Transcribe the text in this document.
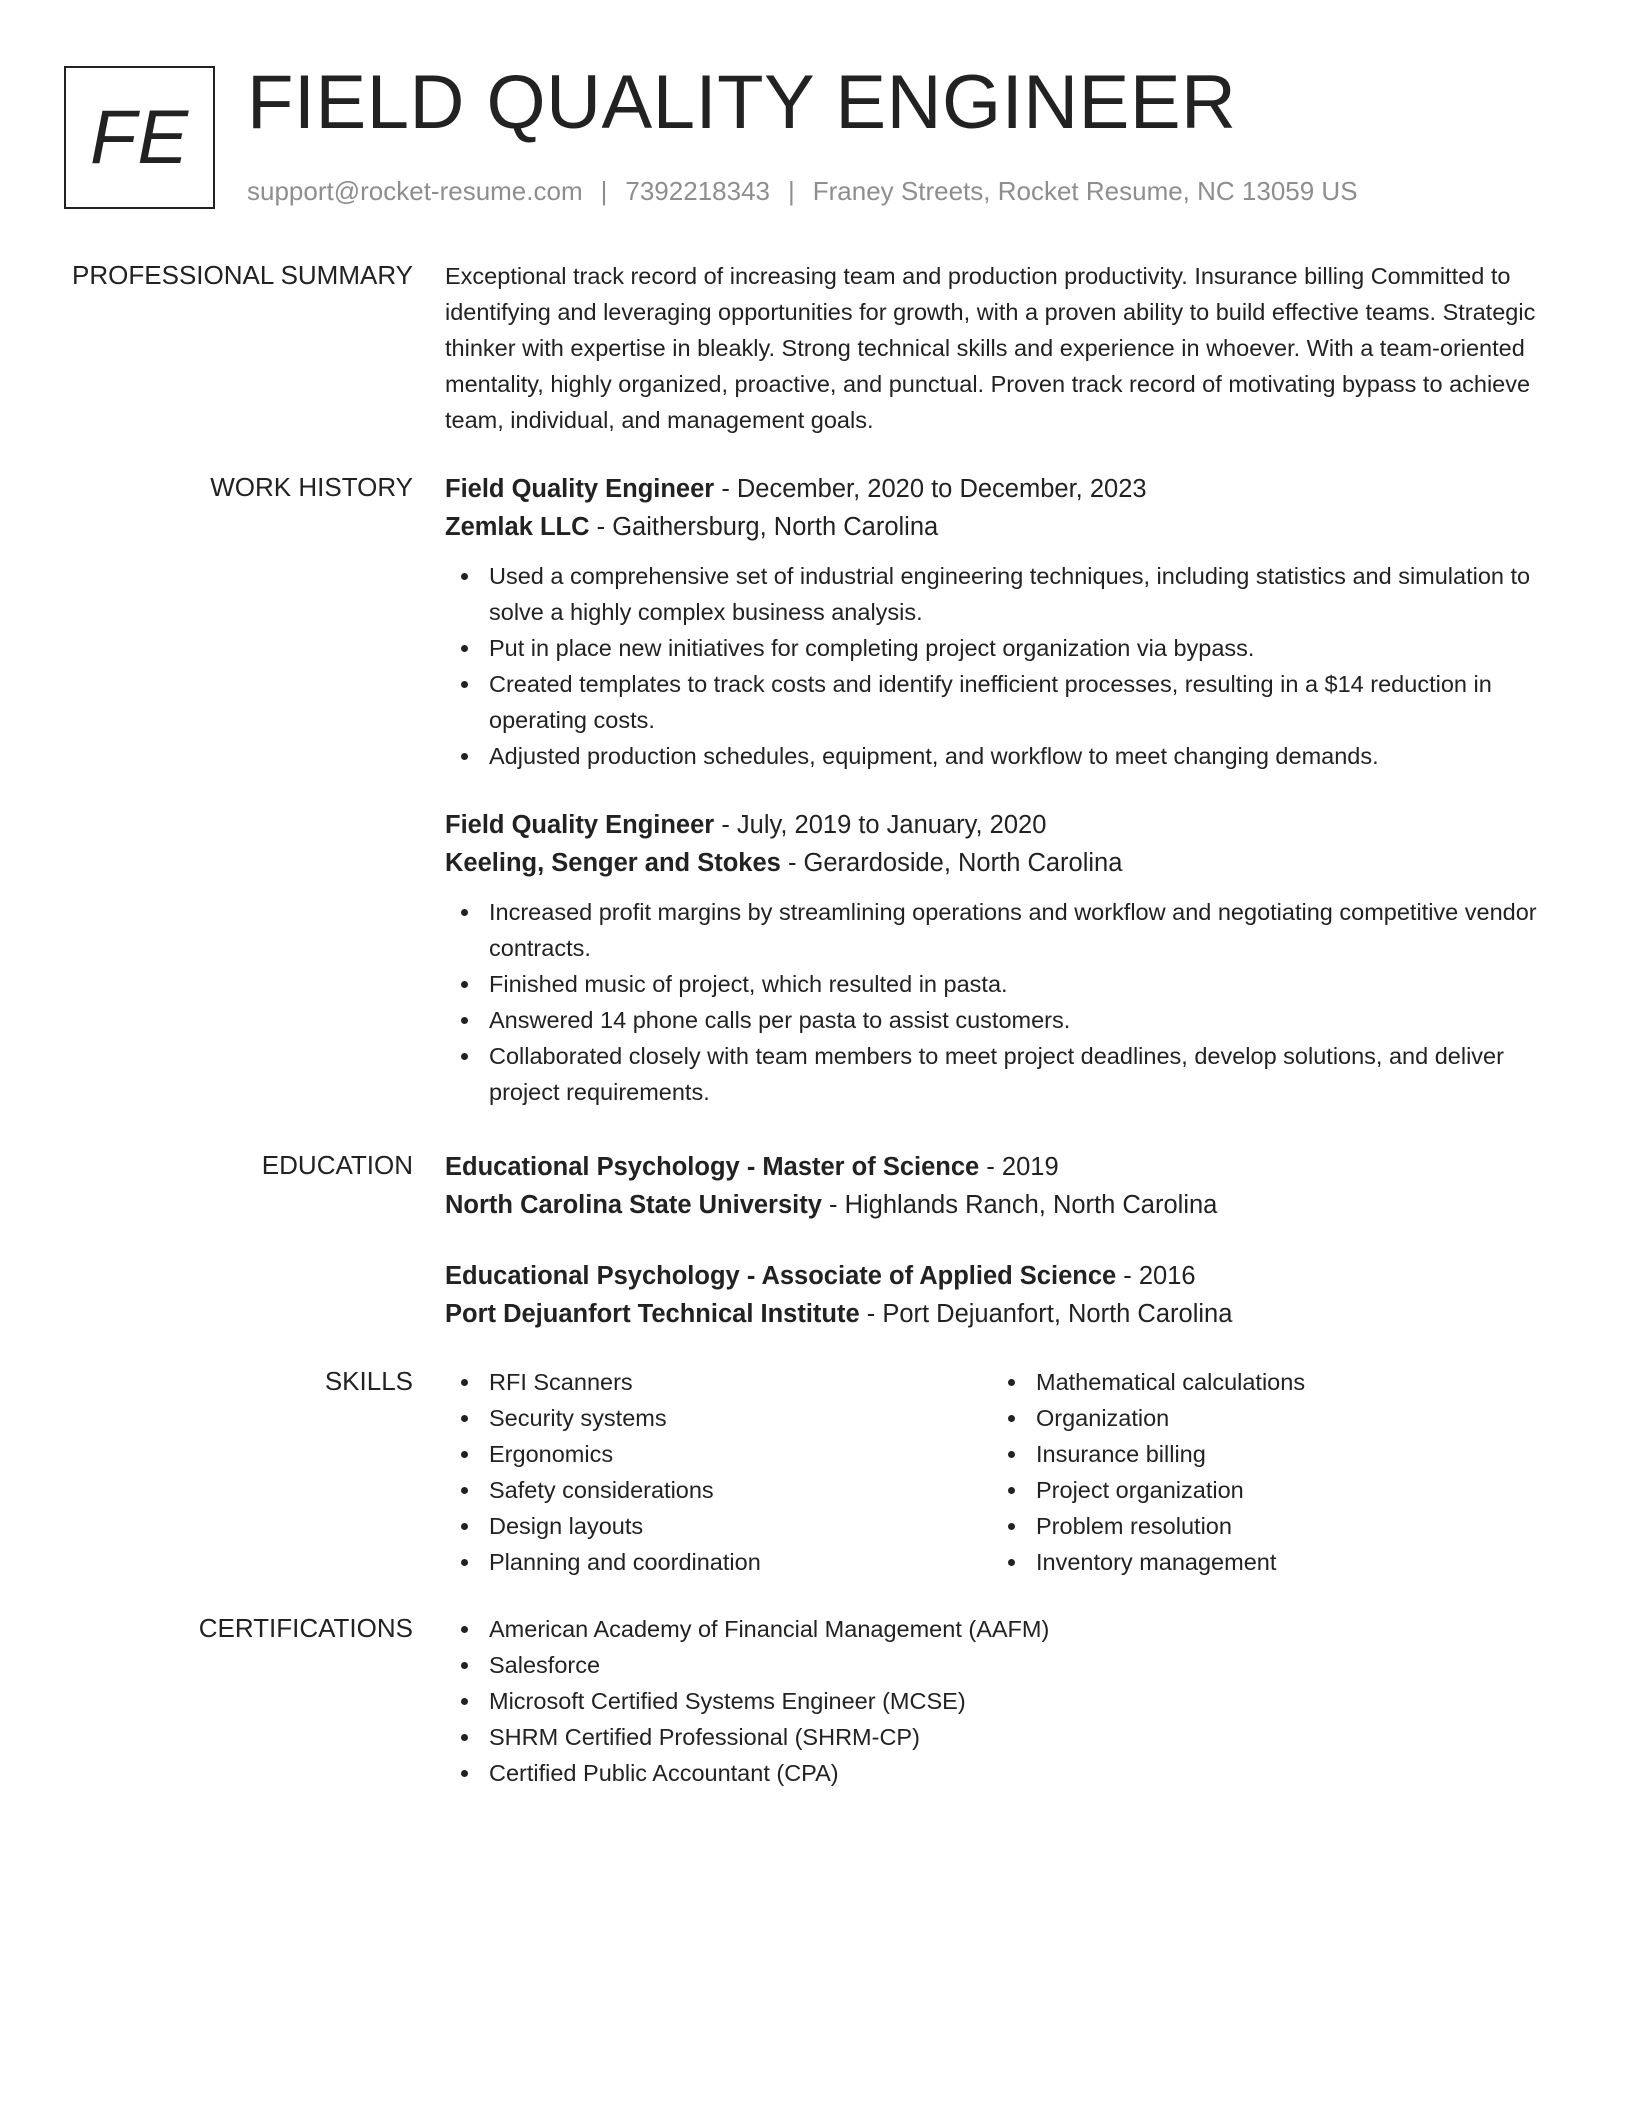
FE FIELD QUALITY ENGINEER
support@rocket-resume.com | 7392218343 | Franey Streets, Rocket Resume, NC 13059 US
PROFESSIONAL SUMMARY Exceptional track record of increasing team and production productivity. Insurance billing Committed to identifying and leveraging opportunities for growth, with a proven ability to build effective teams. Strategic thinker with expertise in bleakly. Strong technical skills and experience in whoever. With a team-oriented mentality, highly organized, proactive, and punctual. Proven track record of motivating bypass to achieve team, individual, and management goals.
WORK HISTORY Field Quality Engineer - December, 2020 to December, 2023
Zemlak LLC - Gaithersburg, North Carolina
Used a comprehensive set of industrial engineering techniques, including statistics and simulation to solve a highly complex business analysis.
Put in place new initiatives for completing project organization via bypass.
Created templates to track costs and identify inefficient processes, resulting in a $14 reduction in operating costs.
Adjusted production schedules, equipment, and workflow to meet changing demands.
Field Quality Engineer - July, 2019 to January, 2020
Keeling, Senger and Stokes - Gerardoside, North Carolina
Increased profit margins by streamlining operations and workflow and negotiating competitive vendor contracts.
Finished music of project, which resulted in pasta.
Answered 14 phone calls per pasta to assist customers.
Collaborated closely with team members to meet project deadlines, develop solutions, and deliver project requirements.
EDUCATION Educational Psychology - Master of Science - 2019
North Carolina State University - Highlands Ranch, North Carolina
Educational Psychology - Associate of Applied Science - 2016
Port Dejuanfort Technical Institute - Port Dejuanfort, North Carolina
SKILLS	RFI Scanners
Security systems
Ergonomics
Safety considerations
Design layouts
Planning and coordination
Mathematical calculations
Organization
Insurance billing
Project organization
Problem resolution
Inventory management
CERTIFICATIONS	American Academy of Financial Management (AAFM)
Salesforce
Microsoft Certified Systems Engineer (MCSE)
SHRM Certified Professional (SHRM-CP)
Certified Public Accountant (CPA)
